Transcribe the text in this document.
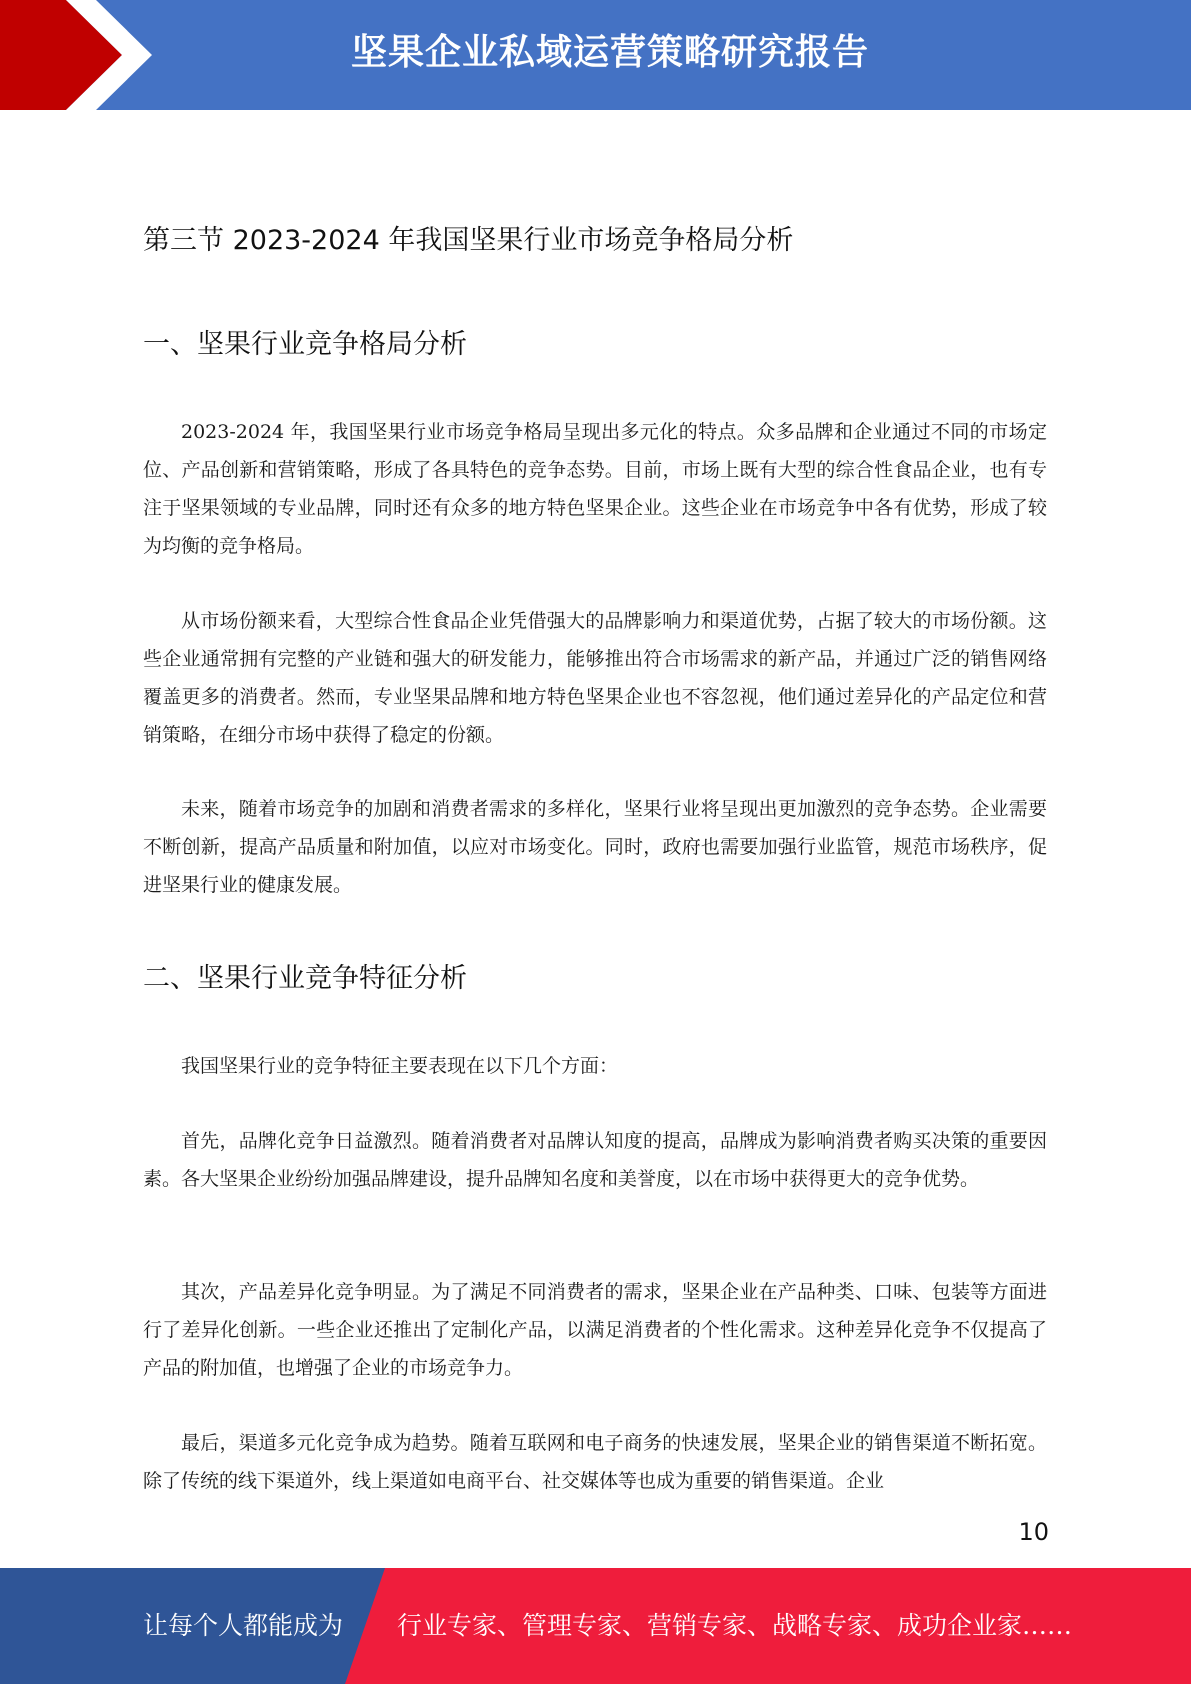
坚果企业私域运营策略研究报告
第三节 2023-2024 年我国坚果行业市场竞争格局分析
一、坚果行业竞争格局分析

2023-2024 年，我国坚果行业市场竞争格局呈现出多元化的特点。众多品牌和企业通过不同的市场定位、产品创新和营销策略，形成了各具特色的竞争态势。目前，市场上既有大型的综合性食品企业，也有专注于坚果领域的专业品牌，同时还有众多的地方特色坚果企业。这些企业在市场竞争中各有优势，形成了较为均衡的竞争格局。

从市场份额来看，大型综合性食品企业凭借强大的品牌影响力和渠道优势，占据了较大的市场份额。这些企业通常拥有完整的产业链和强大的研发能力，能够推出符合市场需求的新产品，并通过广泛的销售网络覆盖更多的消费者。然而，专业坚果品牌和地方特色坚果企业也不容忽视，他们通过差异化的产品定位和营销策略，在细分市场中获得了稳定的份额。

未来，随着市场竞争的加剧和消费者需求的多样化，坚果行业将呈现出更加激烈的竞争态势。企业需要不断创新，提高产品质量和附加值，以应对市场变化。同时，政府也需要加强行业监管，规范市场秩序，促进坚果行业的健康发展。

二、坚果行业竞争特征分析

我国坚果行业的竞争特征主要表现在以下几个方面：

首先，品牌化竞争日益激烈。随着消费者对品牌认知度的提高，品牌成为影响消费者购买决策的重要因素。各大坚果企业纷纷加强品牌建设，提升品牌知名度和美誉度，以在市场中获得更大的竞争优势。

其次，产品差异化竞争明显。为了满足不同消费者的需求，坚果企业在产品种类、口味、包装等方面进行了差异化创新。一些企业还推出了定制化产品，以满足消费者的个性化需求。这种差异化竞争不仅提高了产品的附加值，也增强了企业的市场竞争力。

最后，渠道多元化竞争成为趋势。随着互联网和电子商务的快速发展，坚果企业的销售渠道不断拓宽。除了传统的线下渠道外，线上渠道如电商平台、社交媒体等也成为重要的销售渠道。企业

10
让每个人都能成为 行业专家、管理专家、营销专家、战略专家、成功企业家……
